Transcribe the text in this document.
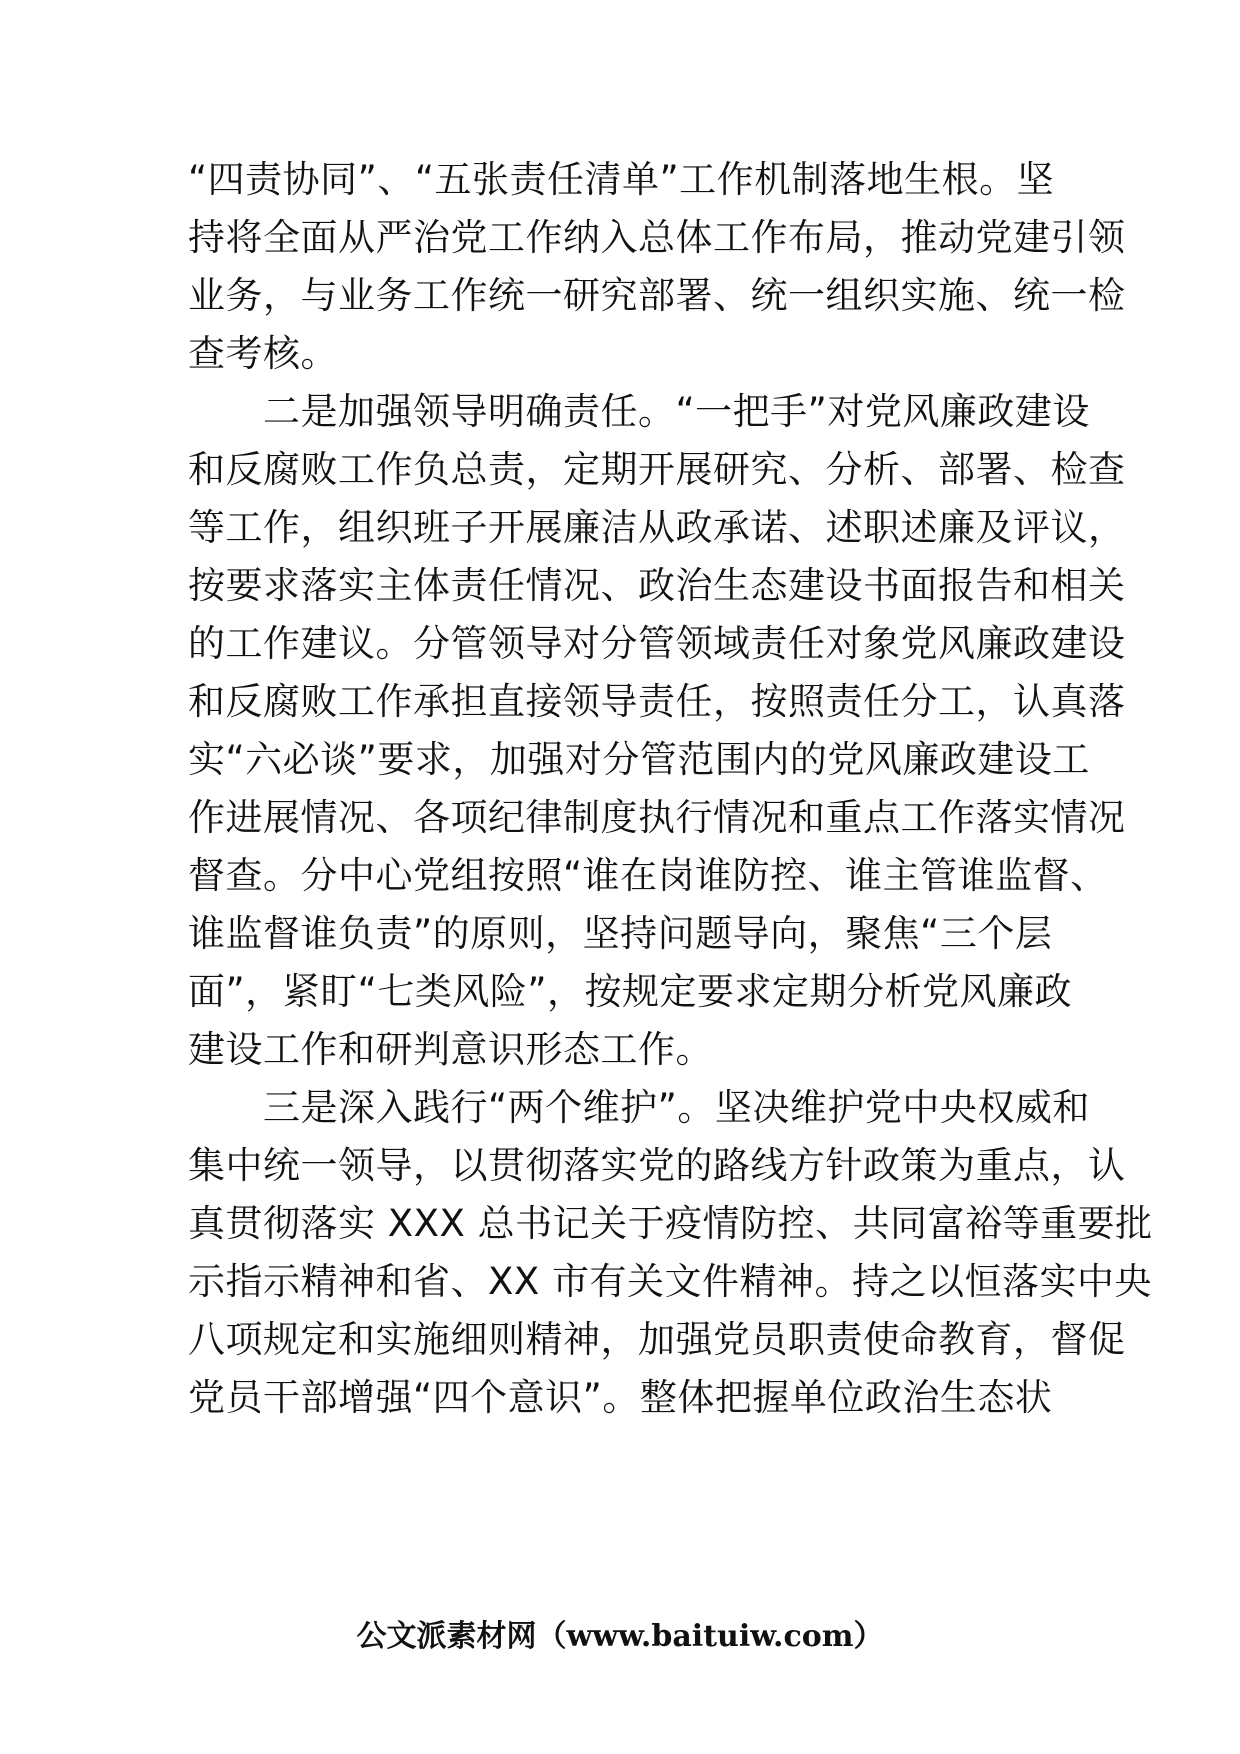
“四责协同”、“五张责任清单”工作机制落地生根。坚
持将全面从严治党工作纳入总体工作布局，推动党建引领
业务，与业务工作统一研究部署、统一组织实施、统一检
查考核。
　　二是加强领导明确责任。“一把手”对党风廉政建设
和反腐败工作负总责，定期开展研究、分析、部署、检查
等工作，组织班子开展廉洁从政承诺、述职述廉及评议，
按要求落实主体责任情况、政治生态建设书面报告和相关
的工作建议。分管领导对分管领域责任对象党风廉政建设
和反腐败工作承担直接领导责任，按照责任分工，认真落
实“六必谈”要求，加强对分管范围内的党风廉政建设工
作进展情况、各项纪律制度执行情况和重点工作落实情况
督查。分中心党组按照“谁在岗谁防控、谁主管谁监督、
谁监督谁负责”的原则，坚持问题导向，聚焦“三个层
面”，紧盯“七类风险”，按规定要求定期分析党风廉政
建设工作和研判意识形态工作。
　　三是深入践行“两个维护”。坚决维护党中央权威和
集中统一领导，以贯彻落实党的路线方针政策为重点，认
真贯彻落实 XXX 总书记关于疫情防控、共同富裕等重要批
示指示精神和省、XX 市有关文件精神。持之以恒落实中央
八项规定和实施细则精神，加强党员职责使命教育，督促
党员干部增强“四个意识”。整体把握单位政治生态状
公文派素材网（www.baituiw.com）
